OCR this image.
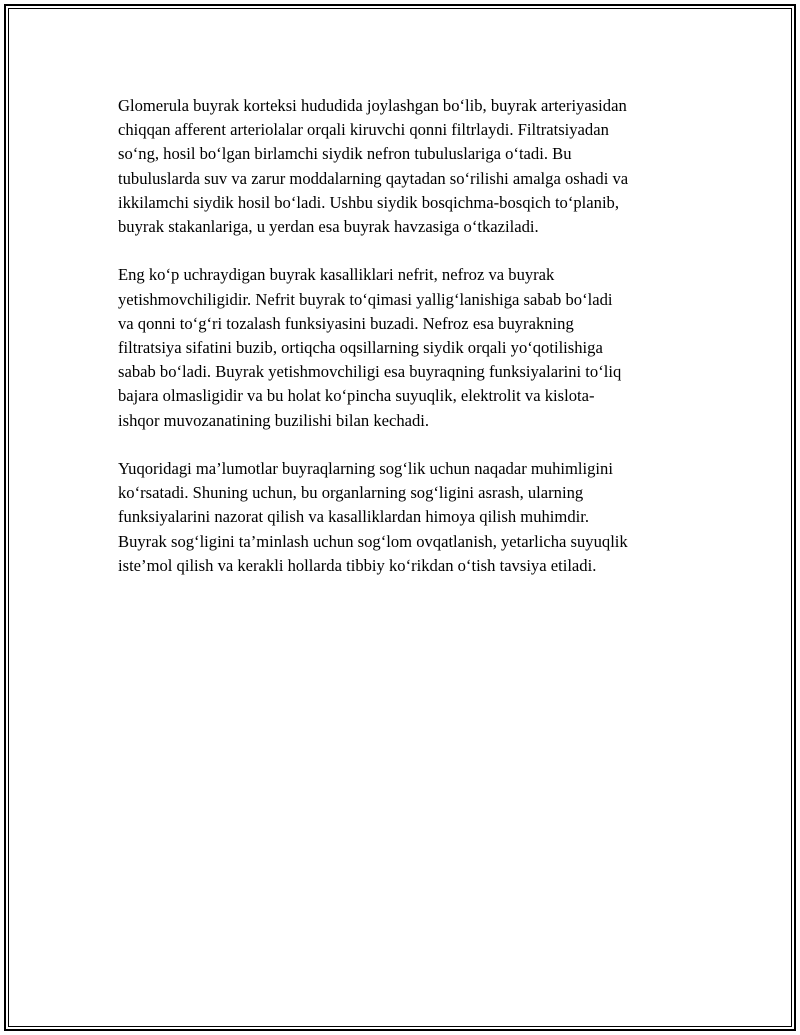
Glomerula buyrak korteksi hududida joylashgan bo‘lib, buyrak arteriyasidan
chiqqan afferent arteriolalar orqali kiruvchi qonni filtrlaydi. Filtratsiyadan
so‘ng, hosil bo‘lgan birlamchi siydik nefron tubuluslariga o‘tadi. Bu
tubuluslarda suv va zarur moddalarning qaytadan so‘rilishi amalga oshadi va
ikkilamchi siydik hosil bo‘ladi. Ushbu siydik bosqichma-bosqich to‘planib,
buyrak stakanlariga, u yerdan esa buyrak havzasiga o‘tkaziladi.

Eng ko‘p uchraydigan buyrak kasalliklari nefrit, nefroz va buyrak
yetishmovchiligidir. Nefrit buyrak to‘qimasi yallig‘lanishiga sabab bo‘ladi
va qonni to‘g‘ri tozalash funksiyasini buzadi. Nefroz esa buyrakning
filtratsiya sifatini buzib, ortiqcha oqsillarning siydik orqali yo‘qotilishiga
sabab bo‘ladi. Buyrak yetishmovchiligi esa buyraqning funksiyalarini to‘liq
bajara olmasligidir va bu holat ko‘pincha suyuqlik, elektrolit va kislota-
ishqor muvozanatining buzilishi bilan kechadi.

Yuqoridagi ma’lumotlar buyraqlarning sog‘lik uchun naqadar muhimligini
ko‘rsatadi. Shuning uchun, bu organlarning sog‘ligini asrash, ularning
funksiyalarini nazorat qilish va kasalliklardan himoya qilish muhimdir.
Buyrak sog‘ligini ta’minlash uchun sog‘lom ovqatlanish, yetarlicha suyuqlik
iste’mol qilish va kerakli hollarda tibbiy ko‘rikdan o‘tish tavsiya etiladi.
